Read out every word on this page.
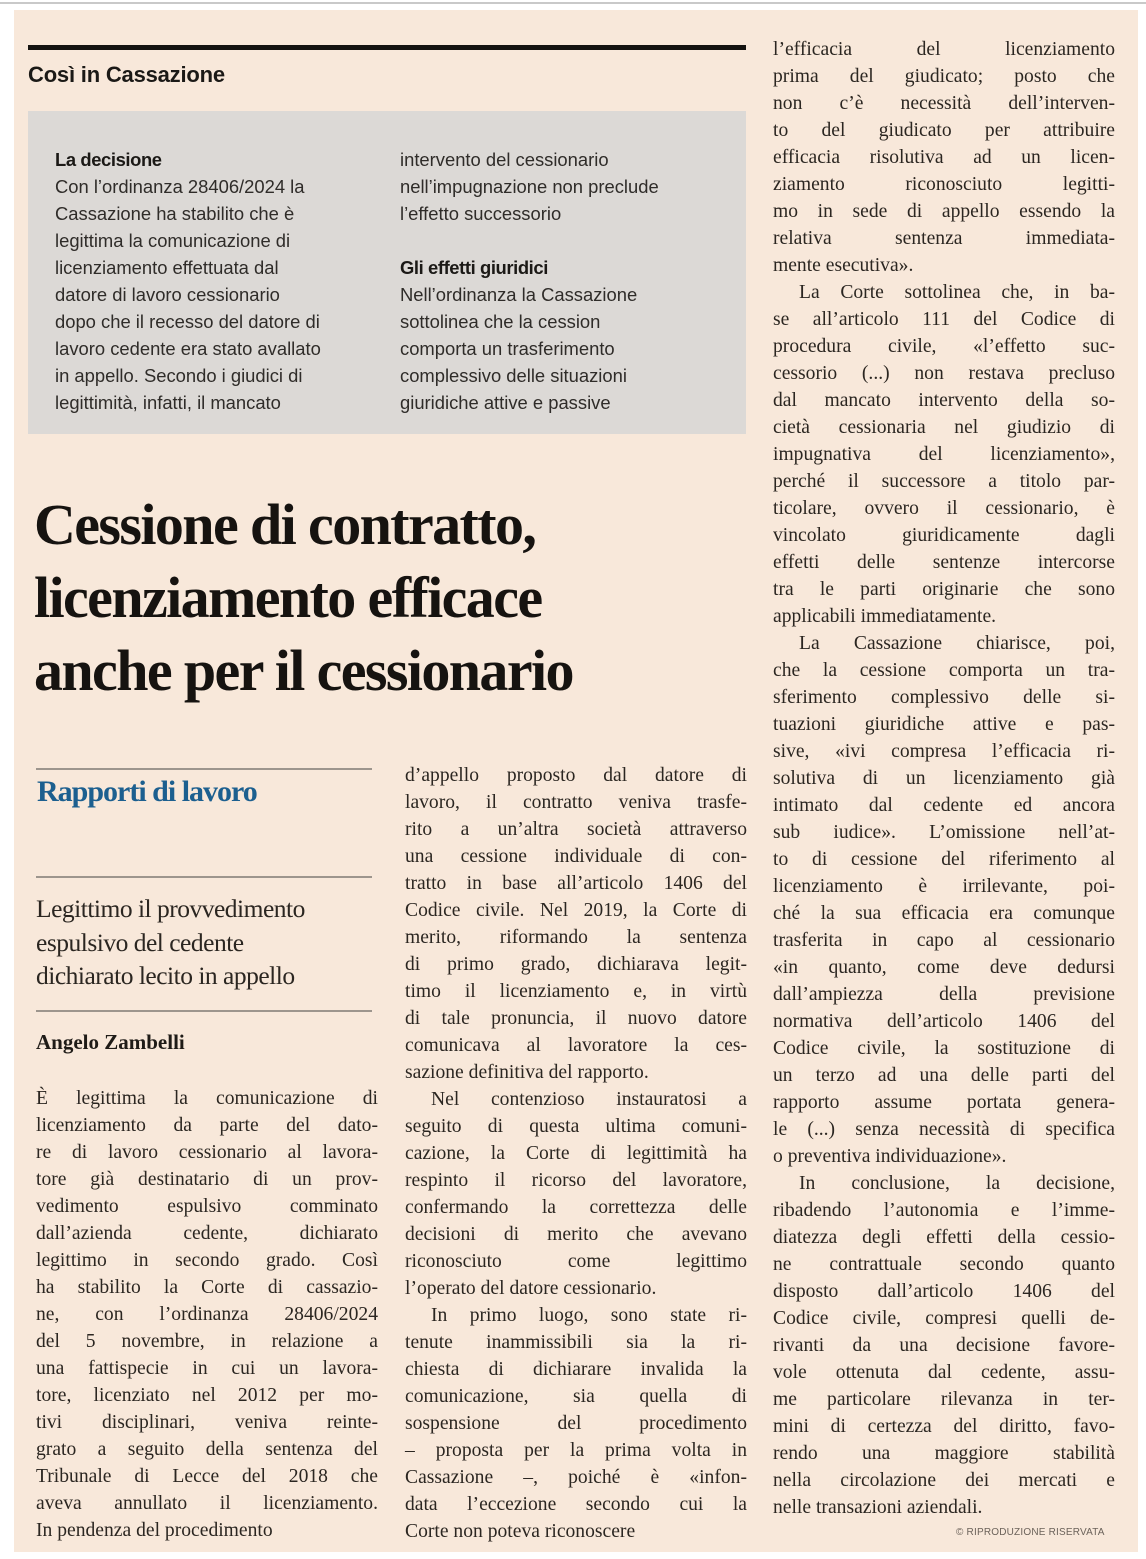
Così in Cassazione
La decisione
Con l’ordinanza 28406/2024 la
Cassazione ha stabilito che è
legittima la comunicazione di
licenziamento effettuata dal
datore di lavoro cessionario
dopo che il recesso del datore di
lavoro cedente era stato avallato
in appello. Secondo i giudici di
legittimità, infatti, il mancato
intervento del cessionario
nell’impugnazione non preclude
l’effetto successorio
Gli effetti giuridici
Nell’ordinanza la Cassazione
sottolinea che la cession
comporta un trasferimento
complessivo delle situazioni
giuridiche attive e passive
Cessione di contratto,
licenziamento efficace
anche per il cessionario
Rapporti di lavoro
Legittimo il provvedimento
espulsivo del cedente
dichiarato lecito in appello
Angelo Zambelli
È legittima la comunicazione di
licenziamento da parte del dato-
re di lavoro cessionario al lavora-
tore già destinatario di un prov-
vedimento espulsivo comminato
dall’azienda cedente, dichiarato
legittimo in secondo grado. Così
ha stabilito la Corte di cassazio-
ne, con l’ordinanza 28406/2024
del 5 novembre, in relazione a
una fattispecie in cui un lavora-
tore, licenziato nel 2012 per mo-
tivi disciplinari, veniva reinte-
grato a seguito della sentenza del
Tribunale di Lecce del 2018 che
aveva annullato il licenziamento.
In pendenza del procedimento
d’appello proposto dal datore di
lavoro, il contratto veniva trasfe-
rito a un’altra società attraverso
una cessione individuale di con-
tratto in base all’articolo 1406 del
Codice civile. Nel 2019, la Corte di
merito, riformando la sentenza
di primo grado, dichiarava legit-
timo il licenziamento e, in virtù
di tale pronuncia, il nuovo datore
comunicava al lavoratore la ces-
sazione definitiva del rapporto.
Nel contenzioso instauratosi a
seguito di questa ultima comuni-
cazione, la Corte di legittimità ha
respinto il ricorso del lavoratore,
confermando la correttezza delle
decisioni di merito che avevano
riconosciuto come legittimo
l’operato del datore cessionario.
In primo luogo, sono state ri-
tenute inammissibili sia la ri-
chiesta di dichiarare invalida la
comunicazione, sia quella di
sospensione del procedimento
– proposta per la prima volta in
Cassazione –, poiché è «infon-
data l’eccezione secondo cui la
Corte non poteva riconoscere
l’efficacia del licenziamento
prima del giudicato; posto che
non c’è necessità dell’interven-
to del giudicato per attribuire
efficacia risolutiva ad un licen-
ziamento riconosciuto legitti-
mo in sede di appello essendo la
relativa sentenza immediata-
mente esecutiva».
La Corte sottolinea che, in ba-
se all’articolo 111 del Codice di
procedura civile, «l’effetto suc-
cessorio (...) non restava precluso
dal mancato intervento della so-
cietà cessionaria nel giudizio di
impugnativa del licenziamento»,
perché il successore a titolo par-
ticolare, ovvero il cessionario, è
vincolato giuridicamente dagli
effetti delle sentenze intercorse
tra le parti originarie che sono
applicabili immediatamente.
La Cassazione chiarisce, poi,
che la cessione comporta un tra-
sferimento complessivo delle si-
tuazioni giuridiche attive e pas-
sive, «ivi compresa l’efficacia ri-
solutiva di un licenziamento già
intimato dal cedente ed ancora
sub iudice». L’omissione nell’at-
to di cessione del riferimento al
licenziamento è irrilevante, poi-
ché la sua efficacia era comunque
trasferita in capo al cessionario
«in quanto, come deve dedursi
dall’ampiezza della previsione
normativa dell’articolo 1406 del
Codice civile, la sostituzione di
un terzo ad una delle parti del
rapporto assume portata genera-
le (...) senza necessità di specifica
o preventiva individuazione».
In conclusione, la decisione,
ribadendo l’autonomia e l’imme-
diatezza degli effetti della cessio-
ne contrattuale secondo quanto
disposto dall’articolo 1406 del
Codice civile, compresi quelli de-
rivanti da una decisione favore-
vole ottenuta dal cedente, assu-
me particolare rilevanza in ter-
mini di certezza del diritto, favo-
rendo una maggiore stabilità
nella circolazione dei mercati e
nelle transazioni aziendali.
© RIPRODUZIONE RISERVATA
